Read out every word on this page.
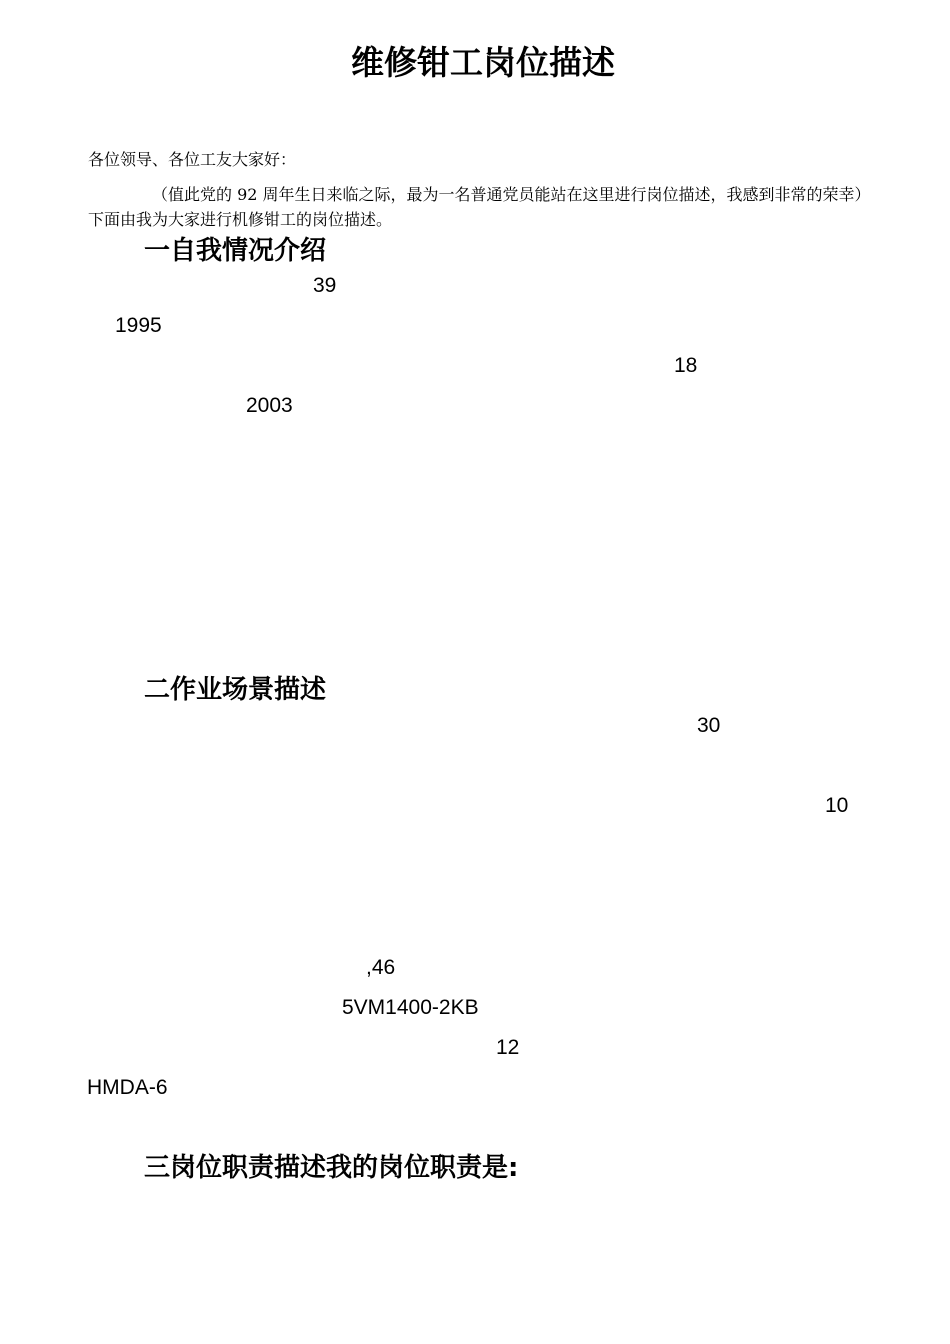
维修钳工岗位描述

各位领导、各位工友大家好：

（值此党的 92 周年生日来临之际，最为一名普通党员能站在这里进行岗位描述，我感到非常的荣幸）下面由我为大家进行机修钳工的岗位描述。

一自我情况介绍
39
1995
18
2003
二作业场景描述
30
10
,46
5VM1400-2KB
12
HMDA-6
三岗位职责描述我的岗位职责是:
